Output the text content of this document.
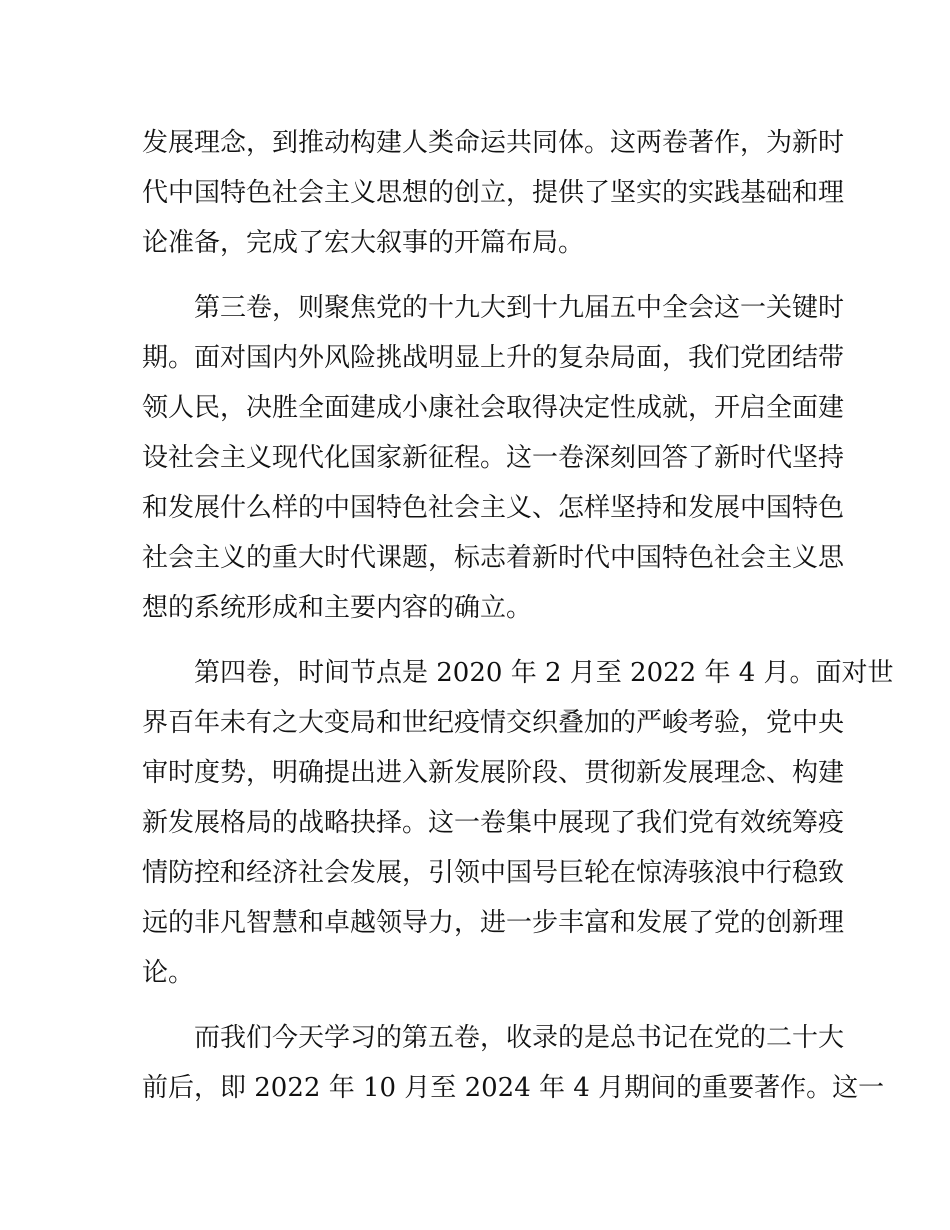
发展理念，到推动构建人类命运共同体。这两卷著作，为新时
代中国特色社会主义思想的创立，提供了坚实的实践基础和理
论准备，完成了宏大叙事的开篇布局。
第三卷，则聚焦党的十九大到十九届五中全会这一关键时
期。面对国内外风险挑战明显上升的复杂局面，我们党团结带
领人民，决胜全面建成小康社会取得决定性成就，开启全面建
设社会主义现代化国家新征程。这一卷深刻回答了新时代坚持
和发展什么样的中国特色社会主义、怎样坚持和发展中国特色
社会主义的重大时代课题，标志着新时代中国特色社会主义思
想的系统形成和主要内容的确立。
第四卷，时间节点是 2020 年 2 月至 2022 年 4 月。面对世
界百年未有之大变局和世纪疫情交织叠加的严峻考验，党中央
审时度势，明确提出进入新发展阶段、贯彻新发展理念、构建
新发展格局的战略抉择。这一卷集中展现了我们党有效统筹疫
情防控和经济社会发展，引领中国号巨轮在惊涛骇浪中行稳致
远的非凡智慧和卓越领导力，进一步丰富和发展了党的创新理
论。
而我们今天学习的第五卷，收录的是总书记在党的二十大
前后，即 2022 年 10 月至 2024 年 4 月期间的重要著作。这一
